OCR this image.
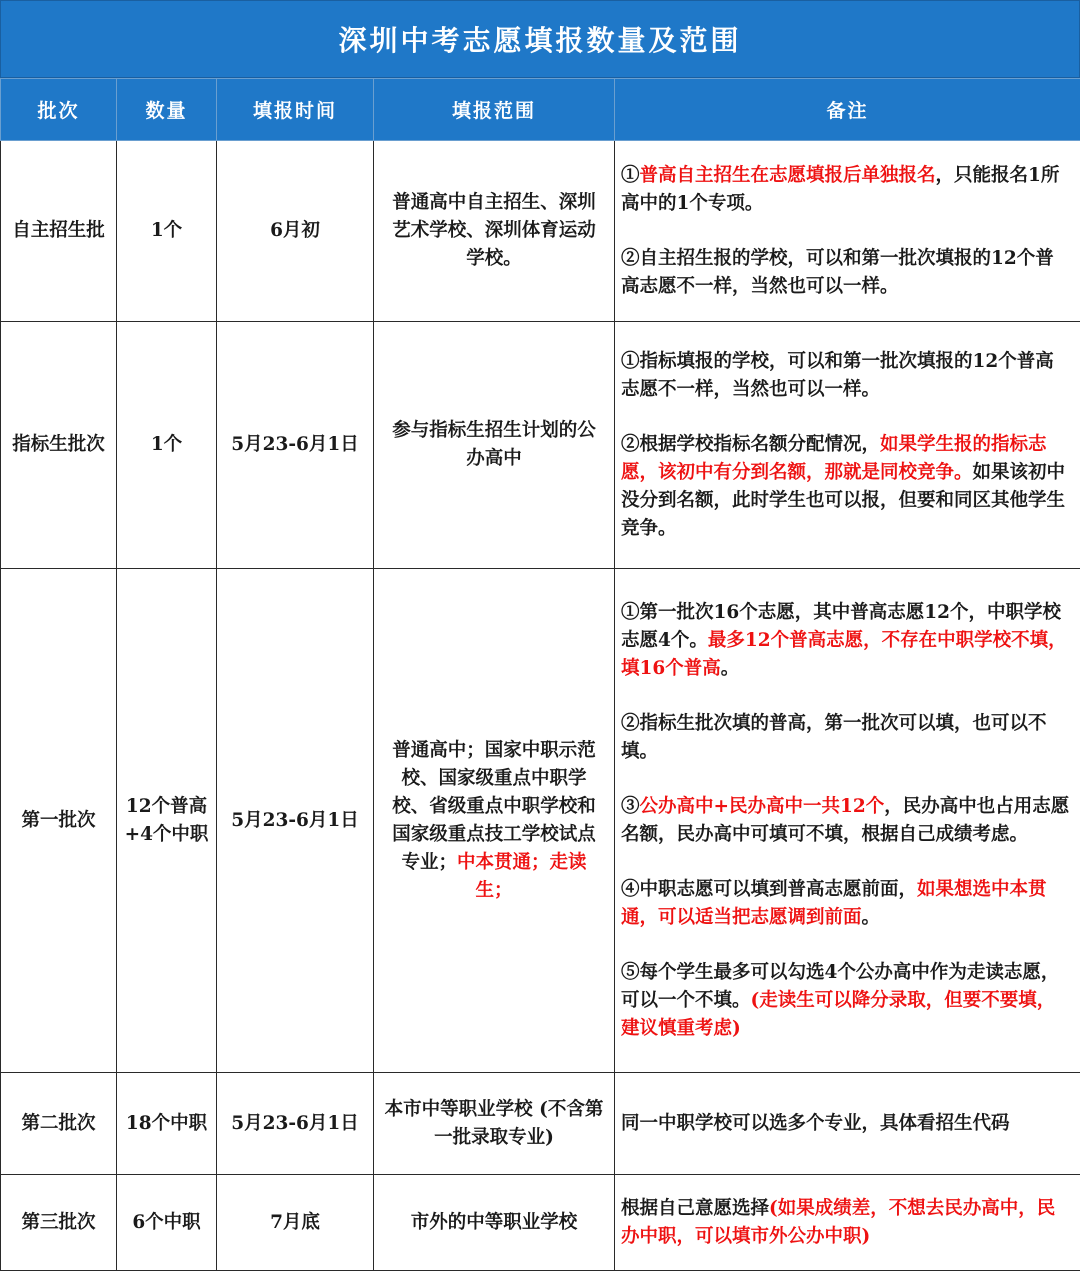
深圳中考志愿填报数量及范围
批次	数量	填报时间	填报范围	备注
自主招生批	1个	6月初	普通高中自主招生、深圳艺术学校、深圳体育运动学校。	①普高自主招生在志愿填报后单独报名，只能报名1所高中的1个专项。

②自主招生报的学校，可以和第一批次填报的12个普高志愿不一样，当然也可以一样。

指标生批次	1个	5月23-6月1日	参与指标生招生计划的公办高中	①指标填报的学校，可以和第一批次填报的12个普高志愿不一样，当然也可以一样。

②根据学校指标名额分配情况，如果学生报的指标志愿，该初中有分到名额，那就是同校竞争。如果该初中没分到名额，此时学生也可以报，但要和同区其他学生竞争。

第一批次	12个普高+4个中职	5月23-6月1日	普通高中；国家中职示范校、国家级重点中职学校、省级重点中职学校和国家级重点技工学校试点专业；中本贯通；走读生；	①第一批次16个志愿，其中普高志愿12个，中职学校志愿4个。最多12个普高志愿，不存在中职学校不填，填16个普高。

②指标生批次填的普高，第一批次可以填，也可以不填。

③公办高中+民办高中一共12个，民办高中也占用志愿名额，民办高中可填可不填，根据自己成绩考虑。

④中职志愿可以填到普高志愿前面，如果想选中本贯通，可以适当把志愿调到前面。

⑤每个学生最多可以勾选4个公办高中作为走读志愿，可以一个不填。(走读生可以降分录取，但要不要填，建议慎重考虑)

第二批次	18个中职	5月23-6月1日	本市中等职业学校 (不含第一批录取专业)	同一中职学校可以选多个专业，具体看招生代码

第三批次	6个中职	7月底	市外的中等职业学校	根据自己意愿选择(如果成绩差，不想去民办高中，民办中职，可以填市外公办中职)
